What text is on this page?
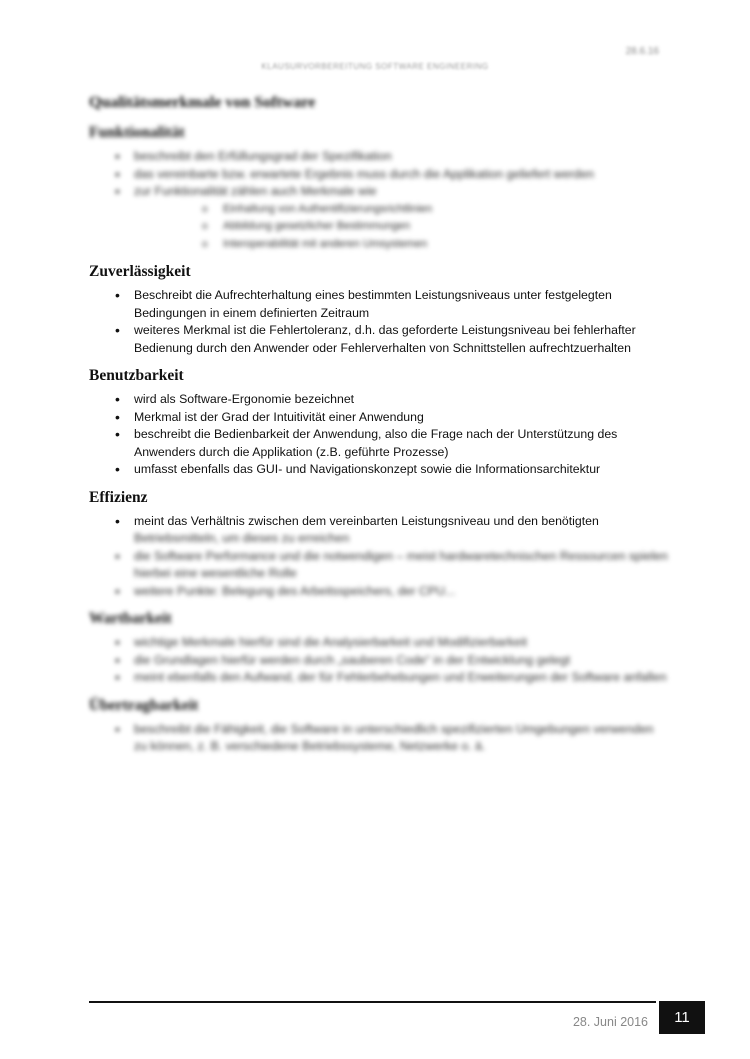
28.6.16
KLAUSURVORBEREITUNG SOFTWARE ENGINEERING
Qualitätsmerkmale von Software
Funktionalität
• beschreibt den Erfüllungsgrad der Spezifikation
• das vereinbarte bzw. erwartete Ergebnis muss durch die Applikation geliefert werden
• zur Funktionalität zählen auch Merkmale wie
o Einhaltung von Authentifizierungsrichtlinien
o Abbildung gesetzlicher Bestimmungen
o Interoperabilität mit anderen Umsystemen
Zuverlässigkeit
• Beschreibt die Aufrechterhaltung eines bestimmten Leistungsniveaus unter festgelegten Bedingungen in einem definierten Zeitraum
• weiteres Merkmal ist die Fehlertoleranz, d.h. das geforderte Leistungsniveau bei fehlerhafter Bedienung durch den Anwender oder Fehlerverhalten von Schnittstellen aufrechtzuerhalten
Benutzbarkeit
• wird als Software-Ergonomie bezeichnet
• Merkmal ist der Grad der Intuitivität einer Anwendung
• beschreibt die Bedienbarkeit der Anwendung, also die Frage nach der Unterstützung des Anwenders durch die Applikation (z.B. geführte Prozesse)
• umfasst ebenfalls das GUI- und Navigationskonzept sowie die Informationsarchitektur
Effizienz
• meint das Verhältnis zwischen dem vereinbarten Leistungsniveau und den benötigten
Betriebsmitteln, um dieses zu erreichen
• die Software Performance und die notwendigen – meist hardwaretechnischen Ressourcen spielen hierbei eine wesentliche Rolle
• weitere Punkte: Belegung des Arbeitsspeichers, der CPU...
Wartbarkeit
• wichtige Merkmale hierfür sind die Analysierbarkeit und Modifizierbarkeit
• die Grundlagen hierfür werden durch „sauberen Code“ in der Entwicklung gelegt
• meint ebenfalls den Aufwand, der für Fehlerbehebungen und Erweiterungen der Software anfallen
Übertragbarkeit
• beschreibt die Fähigkeit, die Software in unterschiedlich spezifizierten Umgebungen verwenden zu können, z. B. verschiedene Betriebssysteme, Netzwerke o. ä.
28. Juni 2016	11
